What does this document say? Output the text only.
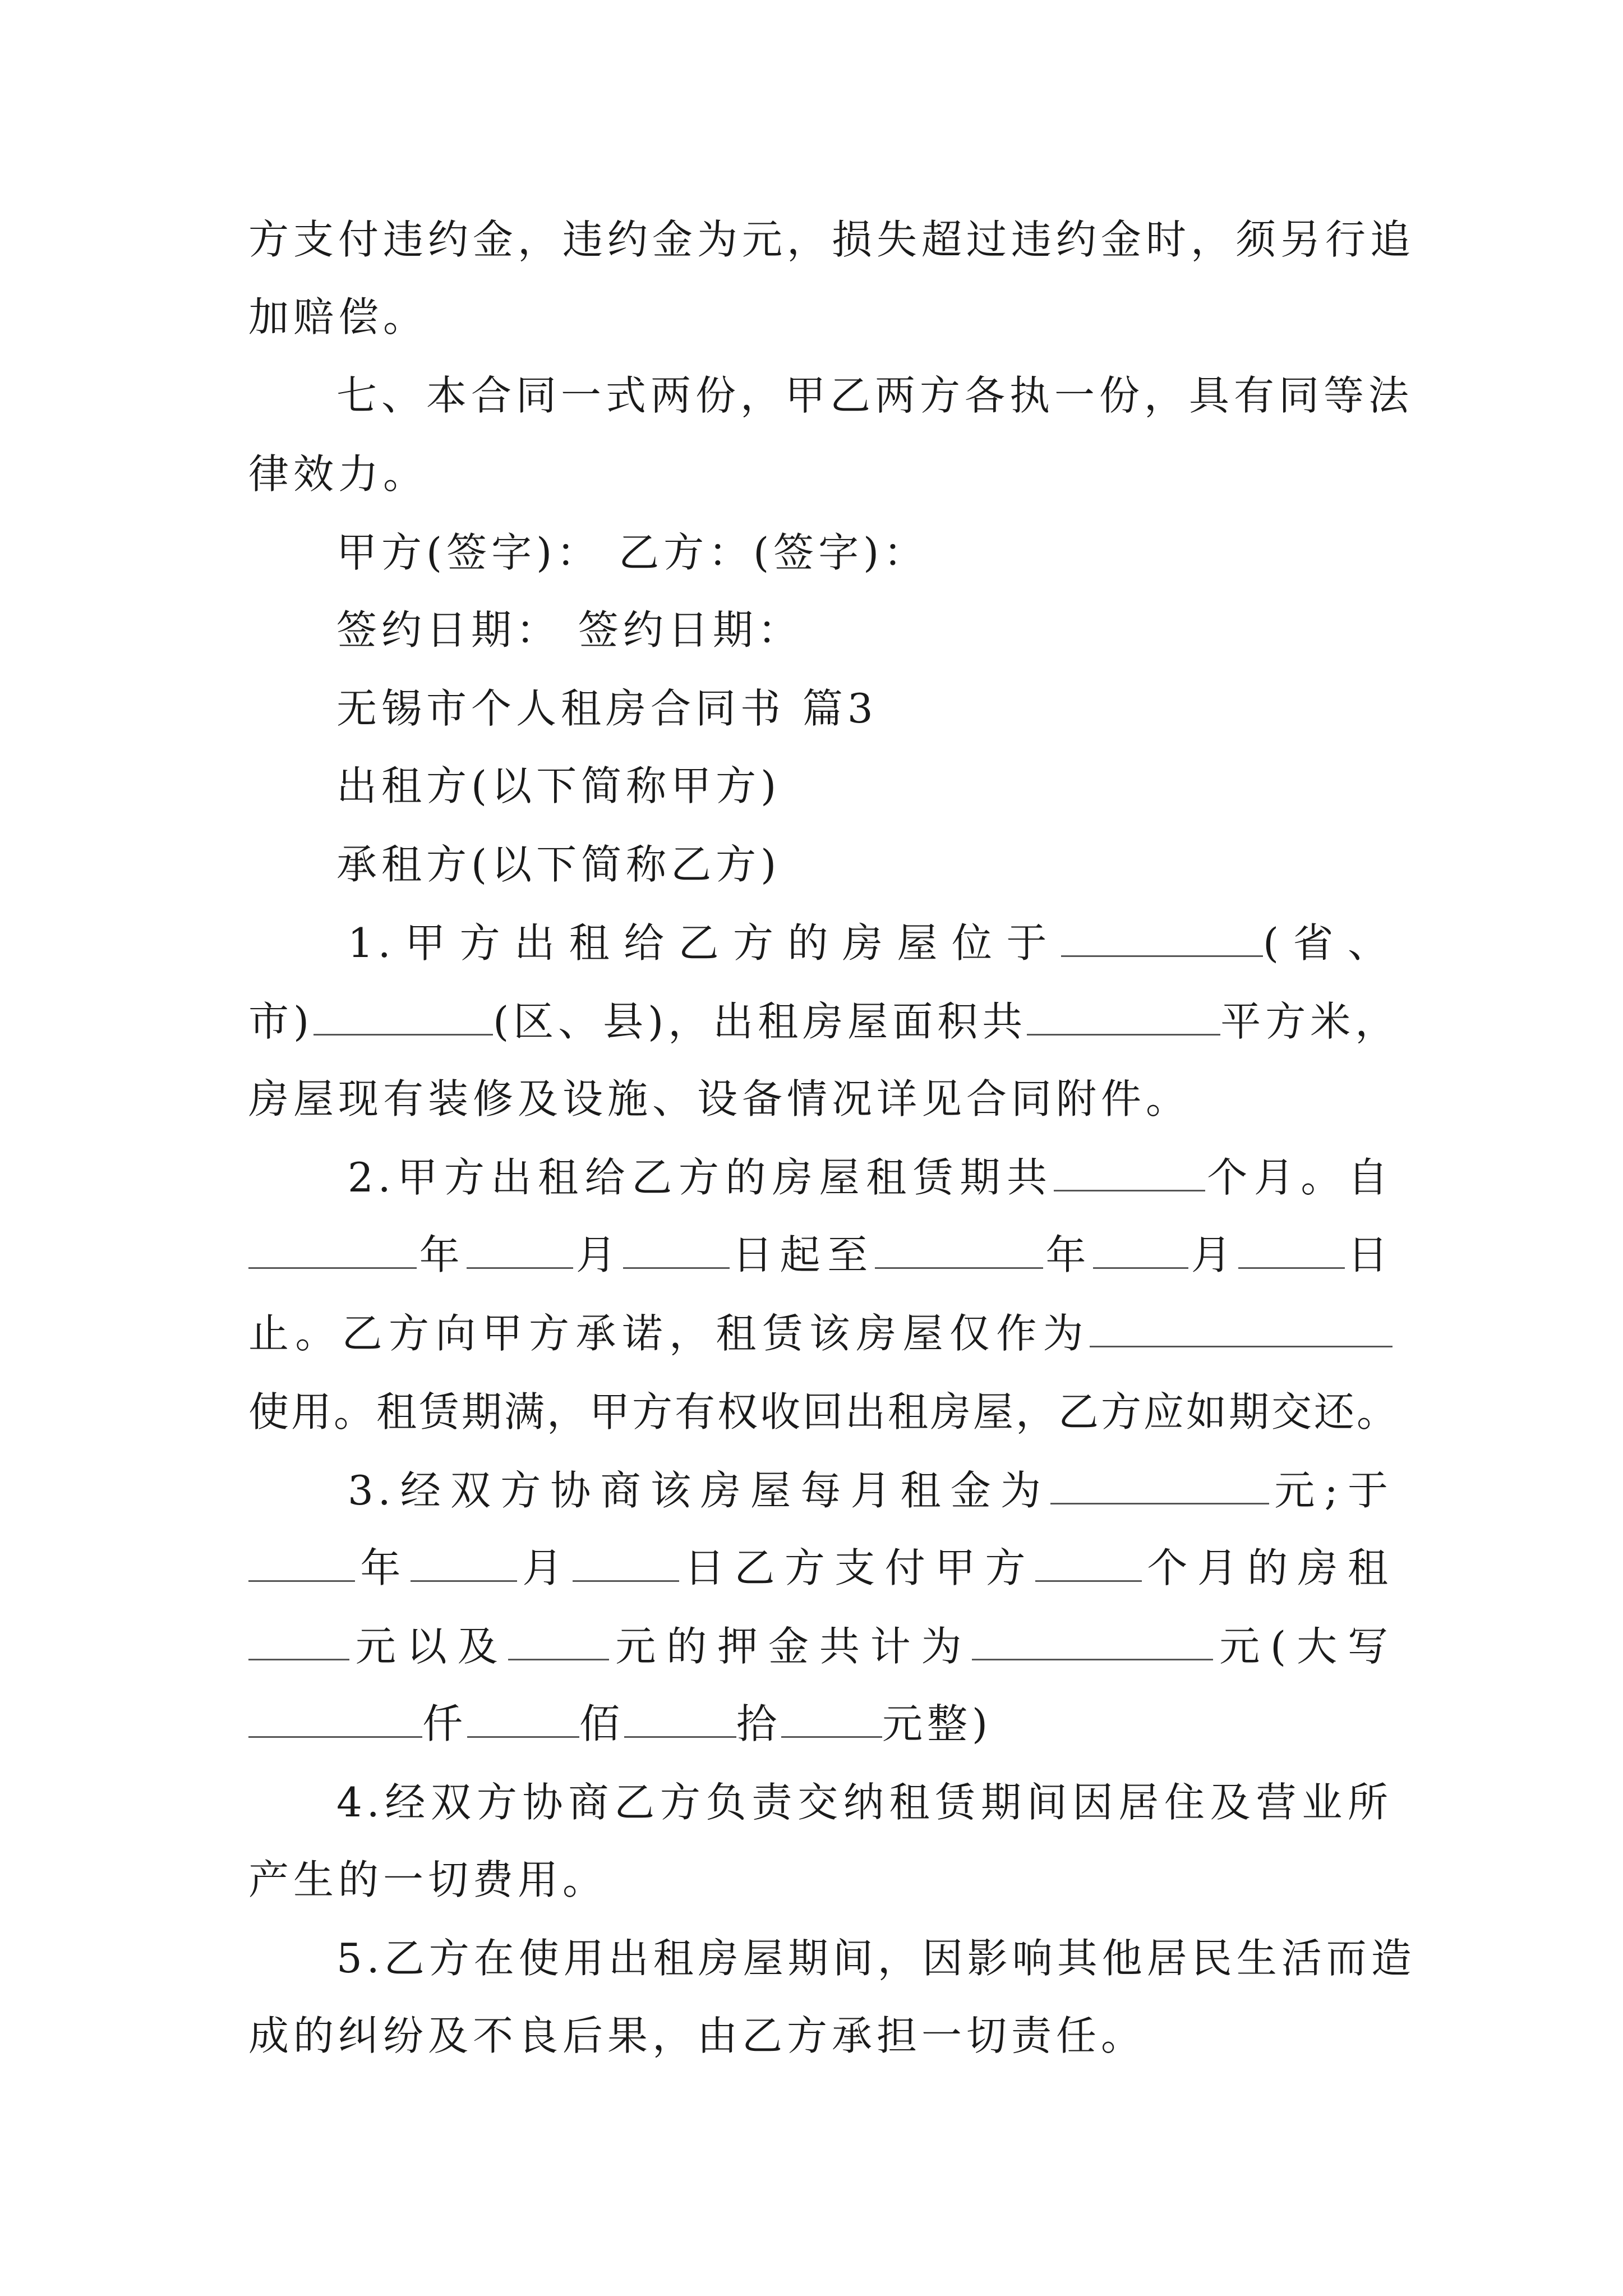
方支付违约金，违约金为元，损失超过违约金时，须另行追
加赔偿。
七、本合同一式两份，甲乙两方各执一份，具有同等法
律效力。
甲方(签字)： 乙方：(签字)：
签约日期： 签约日期：
无锡市个人租房合同书 篇3
出租方(以下简称甲方)
承租方(以下简称乙方)
1.甲方出租给乙方的房屋位于	(省、
市)	(区、县)，出租房屋面积共	平方米，
房屋现有装修及设施、设备情况详见合同附件。
2.甲方出租给乙方的房屋租赁期共	个月。自
年	月	日起至	年 月	日
止。乙方向甲方承诺，租赁该房屋仅作为
使用。租赁期满，甲方有权收回出租房屋，乙方应如期交还。
3.经双方协商该房屋每月租金为	元;于
年	月	日乙方支付甲方	个月的房租
元以及	元的押金共计为	元(大写
仟	佰	拾	元整)
4.经双方协商乙方负责交纳租赁期间因居住及营业所
产生的一切费用。
5.乙方在使用出租房屋期间，因影响其他居民生活而造
成的纠纷及不良后果，由乙方承担一切责任。
